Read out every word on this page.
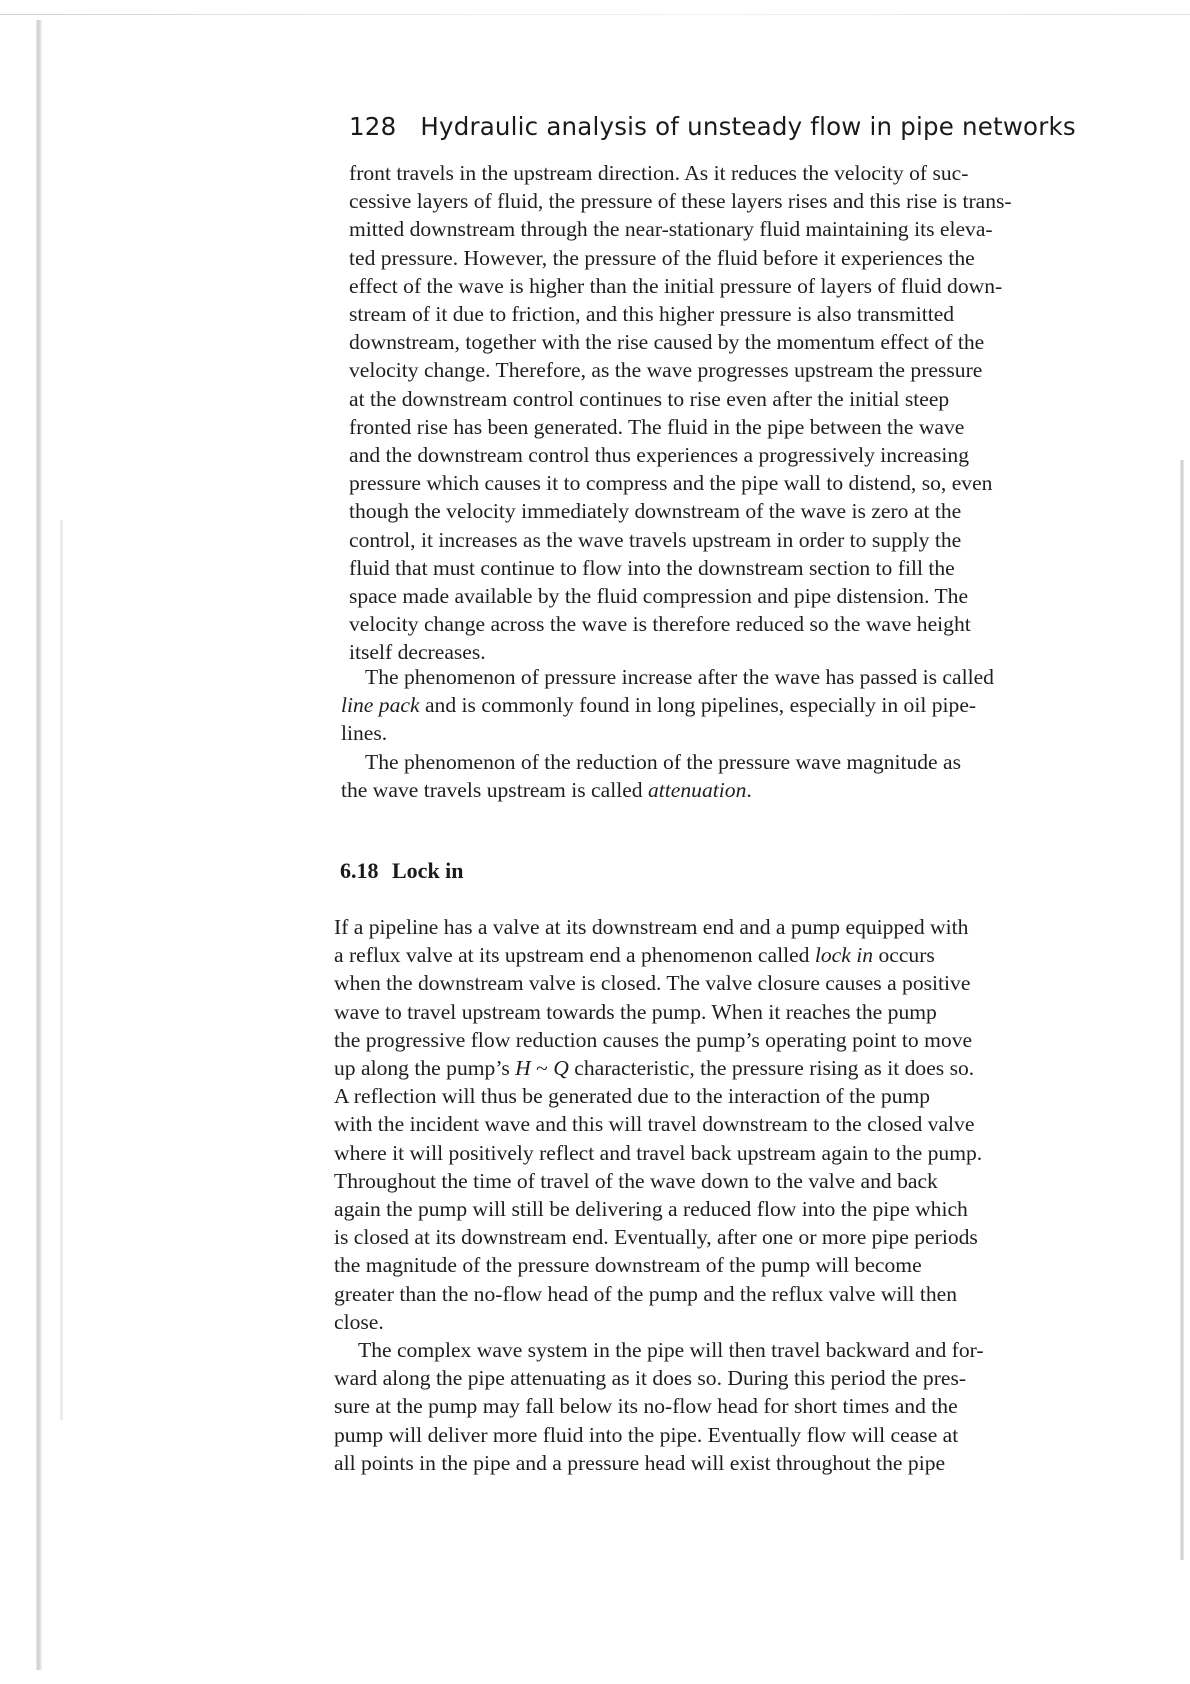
128 Hydraulic analysis of unsteady flow in pipe networks
front travels in the upstream direction. As it reduces the velocity of suc-
cessive layers of fluid, the pressure of these layers rises and this rise is trans-
mitted downstream through the near-stationary fluid maintaining its eleva-
ted pressure. However, the pressure of the fluid before it experiences the
effect of the wave is higher than the initial pressure of layers of fluid down-
stream of it due to friction, and this higher pressure is also transmitted
downstream, together with the rise caused by the momentum effect of the
velocity change. Therefore, as the wave progresses upstream the pressure
at the downstream control continues to rise even after the initial steep
fronted rise has been generated. The fluid in the pipe between the wave
and the downstream control thus experiences a progressively increasing
pressure which causes it to compress and the pipe wall to distend, so, even
though the velocity immediately downstream of the wave is zero at the
control, it increases as the wave travels upstream in order to supply the
fluid that must continue to flow into the downstream section to fill the
space made available by the fluid compression and pipe distension. The
velocity change across the wave is therefore reduced so the wave height
itself decreases.
The phenomenon of pressure increase after the wave has passed is called
line pack and is commonly found in long pipelines, especially in oil pipe-
lines.
The phenomenon of the reduction of the pressure wave magnitude as
the wave travels upstream is called attenuation.
6.18 Lock in
If a pipeline has a valve at its downstream end and a pump equipped with
a reflux valve at its upstream end a phenomenon called lock in occurs
when the downstream valve is closed. The valve closure causes a positive
wave to travel upstream towards the pump. When it reaches the pump
the progressive flow reduction causes the pump’s operating point to move
up along the pump’s H ~ Q characteristic, the pressure rising as it does so.
A reflection will thus be generated due to the interaction of the pump
with the incident wave and this will travel downstream to the closed valve
where it will positively reflect and travel back upstream again to the pump.
Throughout the time of travel of the wave down to the valve and back
again the pump will still be delivering a reduced flow into the pipe which
is closed at its downstream end. Eventually, after one or more pipe periods
the magnitude of the pressure downstream of the pump will become
greater than the no-flow head of the pump and the reflux valve will then
close.
The complex wave system in the pipe will then travel backward and for-
ward along the pipe attenuating as it does so. During this period the pres-
sure at the pump may fall below its no-flow head for short times and the
pump will deliver more fluid into the pipe. Eventually flow will cease at
all points in the pipe and a pressure head will exist throughout the pipe
